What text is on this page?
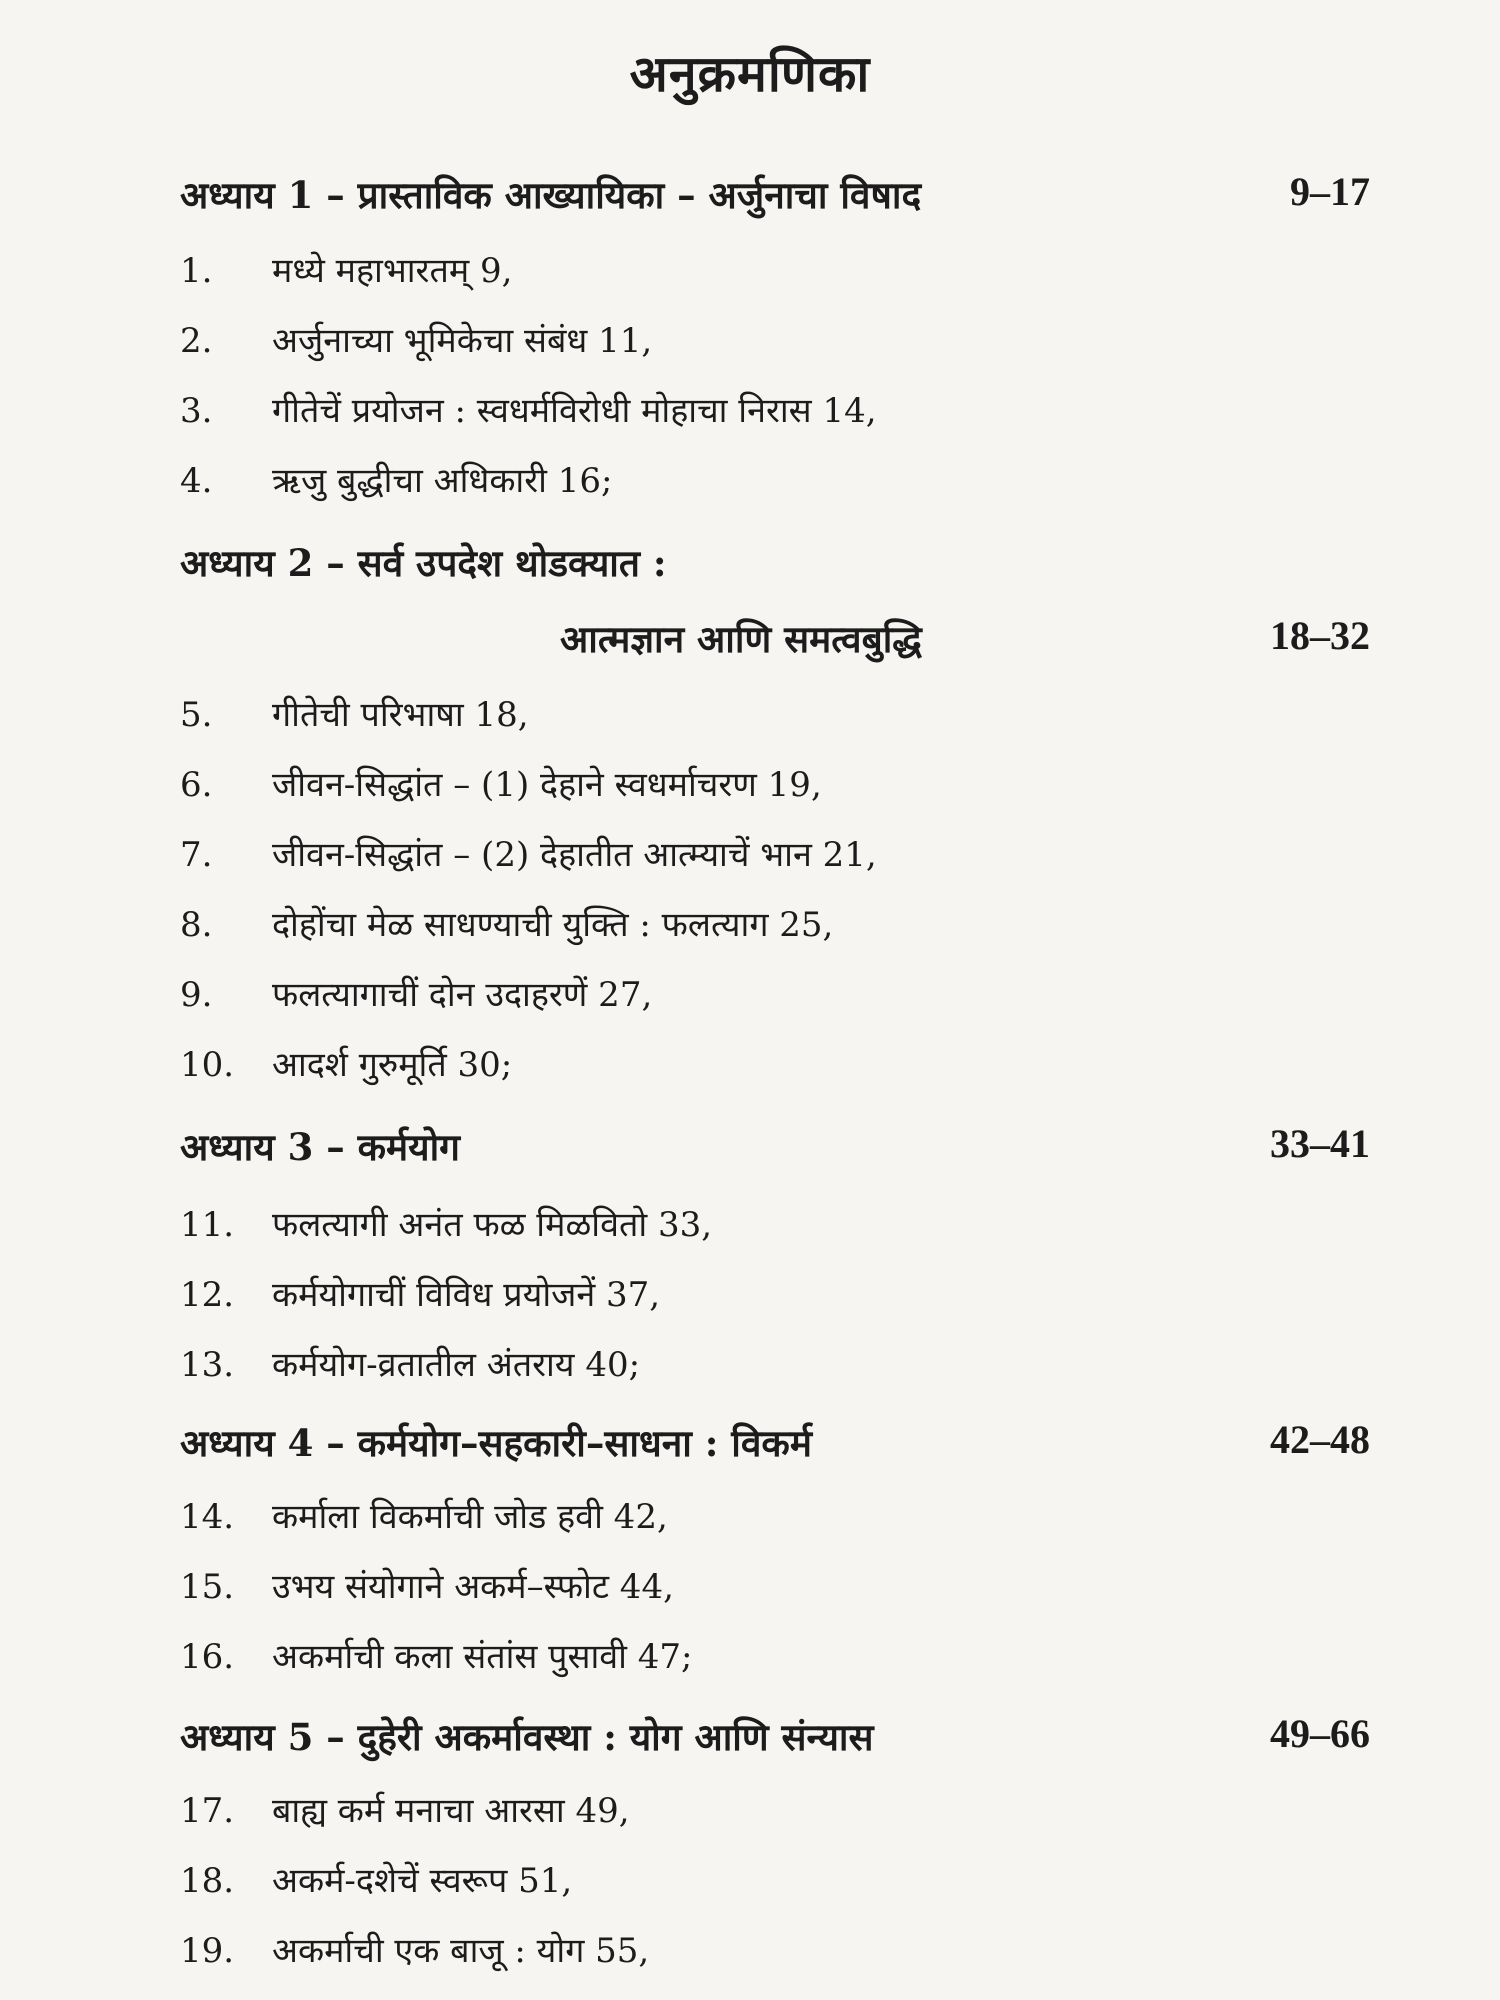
अनुक्रमणिका
अध्याय 1 – प्रास्ताविक आख्यायिका – अर्जुनाचा विषाद	9–17
1. मध्ये महाभारतम् 9,
2. अर्जुनाच्या भूमिकेचा संबंध 11,
3. गीतेचें प्रयोजन : स्वधर्मविरोधी मोहाचा निरास 14,
4. ऋजु बुद्धीचा अधिकारी 16;
अध्याय 2 – सर्व उपदेश थोडक्यात :
आत्मज्ञान आणि समत्वबुद्धि	18–32
5. गीतेची परिभाषा 18,
6. जीवन-सिद्धांत – (1) देहाने स्वधर्माचरण 19,
7. जीवन-सिद्धांत – (2) देहातीत आत्म्याचें भान 21,
8. दोहोंचा मेळ साधण्याची युक्ति : फलत्याग 25,
9. फलत्यागाचीं दोन उदाहरणें 27,
10. आदर्श गुरुमूर्ति 30;
अध्याय 3 – कर्मयोग	33–41
11. फलत्यागी अनंत फळ मिळवितो 33,
12. कर्मयोगाचीं विविध प्रयोजनें 37,
13. कर्मयोग-व्रतातील अंतराय 40;
अध्याय 4 – कर्मयोग–सहकारी–साधना : विकर्म	42–48
14. कर्माला विकर्माची जोड हवी 42,
15. उभय संयोगाने अकर्म–स्फोट 44,
16. अकर्माची कला संतांस पुसावी 47;
अध्याय 5 – दुहेरी अकर्मावस्था : योग आणि संन्यास	49–66
17. बाह्य कर्म मनाचा आरसा 49,
18. अकर्म-दशेचें स्वरूप 51,
19. अकर्माची एक बाजू : योग 55,
